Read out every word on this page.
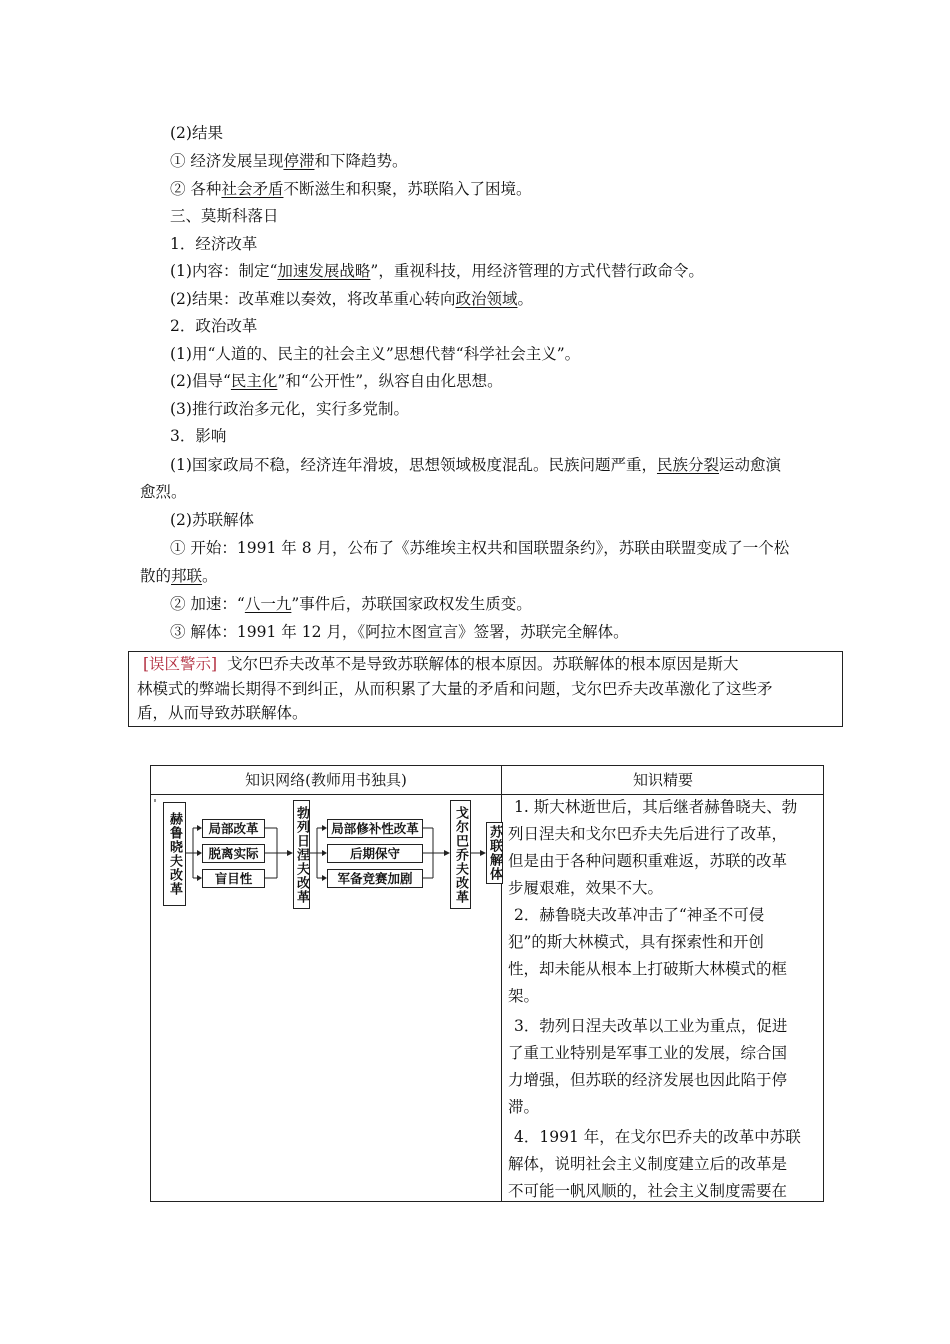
(2)结果
① 经济发展呈现停滞和下降趋势。
② 各种社会矛盾不断滋生和积聚，苏联陷入了困境。
三、莫斯科落日
1．经济改革
(1)内容：制定“加速发展战略”，重视科技，用经济管理的方式代替行政命令。
(2)结果：改革难以奏效，将改革重心转向政治领域。
2．政治改革
(1)用“人道的、民主的社会主义”思想代替“科学社会主义”。
(2)倡导“民主化”和“公开性”，纵容自由化思想。
(3)推行政治多元化，实行多党制。
3．影响
(1)国家政局不稳，经济连年滑坡，思想领域极度混乱。民族问题严重，民族分裂运动愈演
愈烈。
(2)苏联解体
① 开始：1991 年 8 月，公布了《苏维埃主权共和国联盟条约》，苏联由联盟变成了一个松
散的邦联。
② 加速：“八一九”事件后，苏联国家政权发生质变。
③ 解体：1991 年 12 月，《阿拉木图宣言》签署，苏联完全解体。
[误区警示]  戈尔巴乔夫改革不是导致苏联解体的根本原因。苏联解体的根本原因是斯大
林模式的弊端长期得不到纠正，从而积累了大量的矛盾和问题，戈尔巴乔夫改革激化了这些矛
盾，从而导致苏联解体。
知识网络(教师用书独具)	知识精要
赫鲁晓夫改革	局部改革
脱离实际
盲目性	勃列日涅夫改革	局部修补性改革
后期保守
军备竞赛加剧	戈尔巴乔夫改革 苏联解体
1. 斯大林逝世后，其后继者赫鲁晓夫、勃
列日涅夫和戈尔巴乔夫先后进行了改革，
但是由于各种问题积重难返，苏联的改革
步履艰难，效果不大。
2．赫鲁晓夫改革冲击了“神圣不可侵
犯”的斯大林模式，具有探索性和开创
性，却未能从根本上打破斯大林模式的框
架。
3．勃列日涅夫改革以工业为重点，促进
了重工业特别是军事工业的发展，综合国
力增强，但苏联的经济发展也因此陷于停
滞。
4．1991 年，在戈尔巴乔夫的改革中苏联
解体，说明社会主义制度建立后的改革是
不可能一帆风顺的，社会主义制度需要在
